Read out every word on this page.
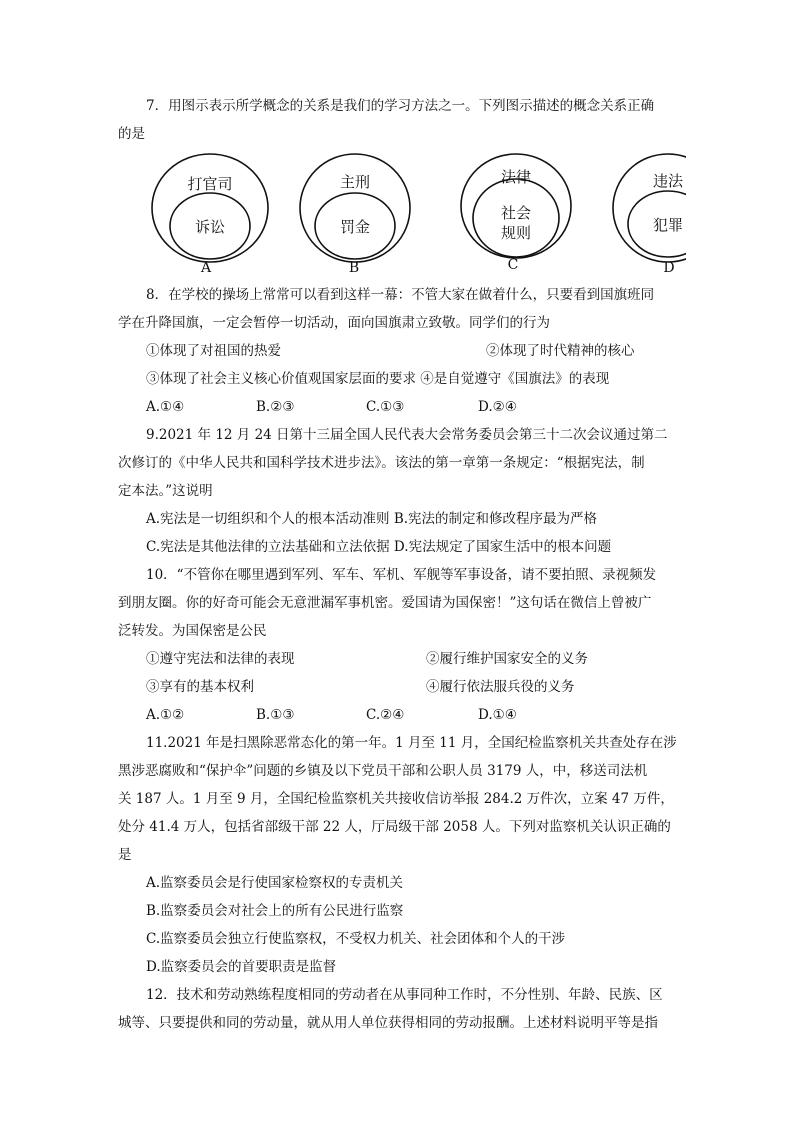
7．用图示表示所学概念的关系是我们的学习方法之一。下列图示描述的概念关系正确

的是

打官司
诉讼
A
主刑
罚金
B
法律
社会
规则
C
违法
犯罪
D

8．在学校的操场上常常可以看到这样一幕：不管大家在做着什么，只要看到国旗班同

学在升降国旗，一定会暂停一切活动，面向国旗肃立致敬。同学们的行为

①体现了对祖国的热爱	②体现了时代精神的核心

③体现了社会主义核心价值观国家层面的要求 ④是自觉遵守《国旗法》的表现

A.①④	B.②③	C.①③	D.②④

9.2021 年 12 月 24 日第十三届全国人民代表大会常务委员会第三十二次会议通过第二

次修订的《中华人民共和国科学技术进步法》。该法的第一章第一条规定：“根据宪法，制

定本法。”这说明

A.宪法是一切组织和个人的根本活动准则 B.宪法的制定和修改程序最为严格

C.宪法是其他法律的立法基础和立法依据 D.宪法规定了国家生活中的根本问题

10．“不管你在哪里遇到军列、军车、军机、军舰等军事设备，请不要拍照、录视频发

到朋友圈。你的好奇可能会无意泄漏军事机密。爱国请为国保密！”这句话在微信上曾被广

泛转发。为国保密是公民

①遵守宪法和法律的表现	②履行维护国家安全的义务
③享有的基本权利	④履行依法服兵役的义务
A.①②	B.①③	C.②④	D.①④

11.2021 年是扫黑除恶常态化的第一年。1 月至 11 月，全国纪检监察机关共查处存在涉

黑涉恶腐败和“保护伞”问题的乡镇及以下党员干部和公职人员 3179 人，中，移送司法机

关 187 人。1 月至 9 月，全国纪检监察机关共接收信访举报 284.2 万件次，立案 47 万件，

处分 41.4 万人，包括省部级干部 22 人，厅局级干部 2058 人。下列对监察机关认识正确的

是

A.监察委员会是行使国家检察权的专责机关

B.监察委员会对社会上的所有公民进行监察

C.监察委员会独立行使监察权，不受权力机关、社会团体和个人的干涉

D.监察委员会的首要职责是监督

12．技术和劳动熟练程度相同的劳动者在从事同种工作时，不分性别、年龄、民族、区

城等、只要提供和同的劳动量，就从用人单位获得相同的劳动报酬。上述材料说明平等是指
